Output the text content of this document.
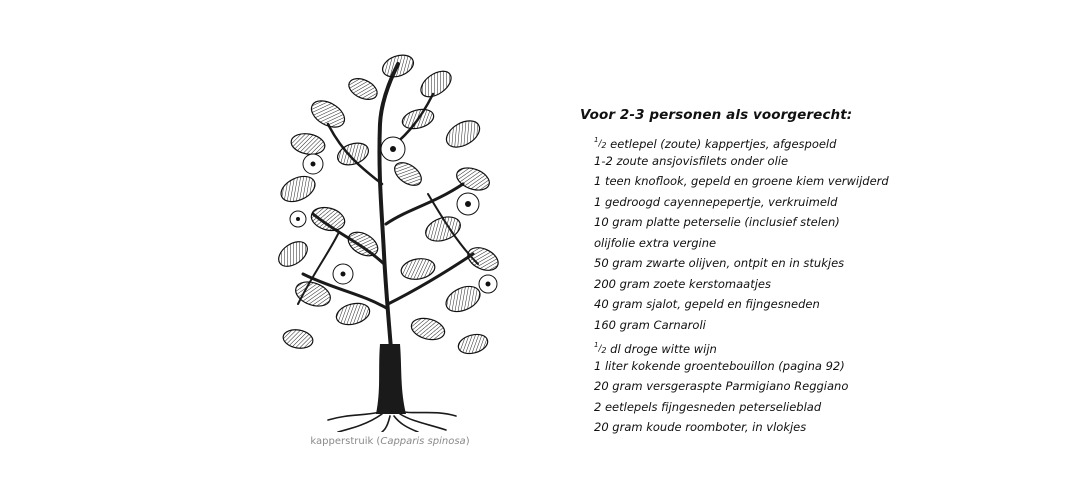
kapperstruik (Capparis spinosa)
Voor 2-3 personen als voorgerecht:
$^1/_2$ eetlepel (zoute) kappertjes, afgespoeld
1-2 zoute ansjovisfilets onder olie
1 teen knoflook, gepeld en groene kiem verwijderd
1 gedroogd cayennepepertje, verkruimeld
10 gram platte peterselie (inclusief stelen)
olijfolie extra vergine
50 gram zwarte olijven, ontpit en in stukjes
200 gram zoete kerstomaatjes
40 gram sjalot, gepeld en fijngesneden
160 gram Carnaroli
$^1/_2$ dl droge witte wijn
1 liter kokende groentebouillon (pagina 92)
20 gram versgeraspte Parmigiano Reggiano
2 eetlepels fijngesneden peterselieblad
20 gram koude roomboter, in vlokjes
